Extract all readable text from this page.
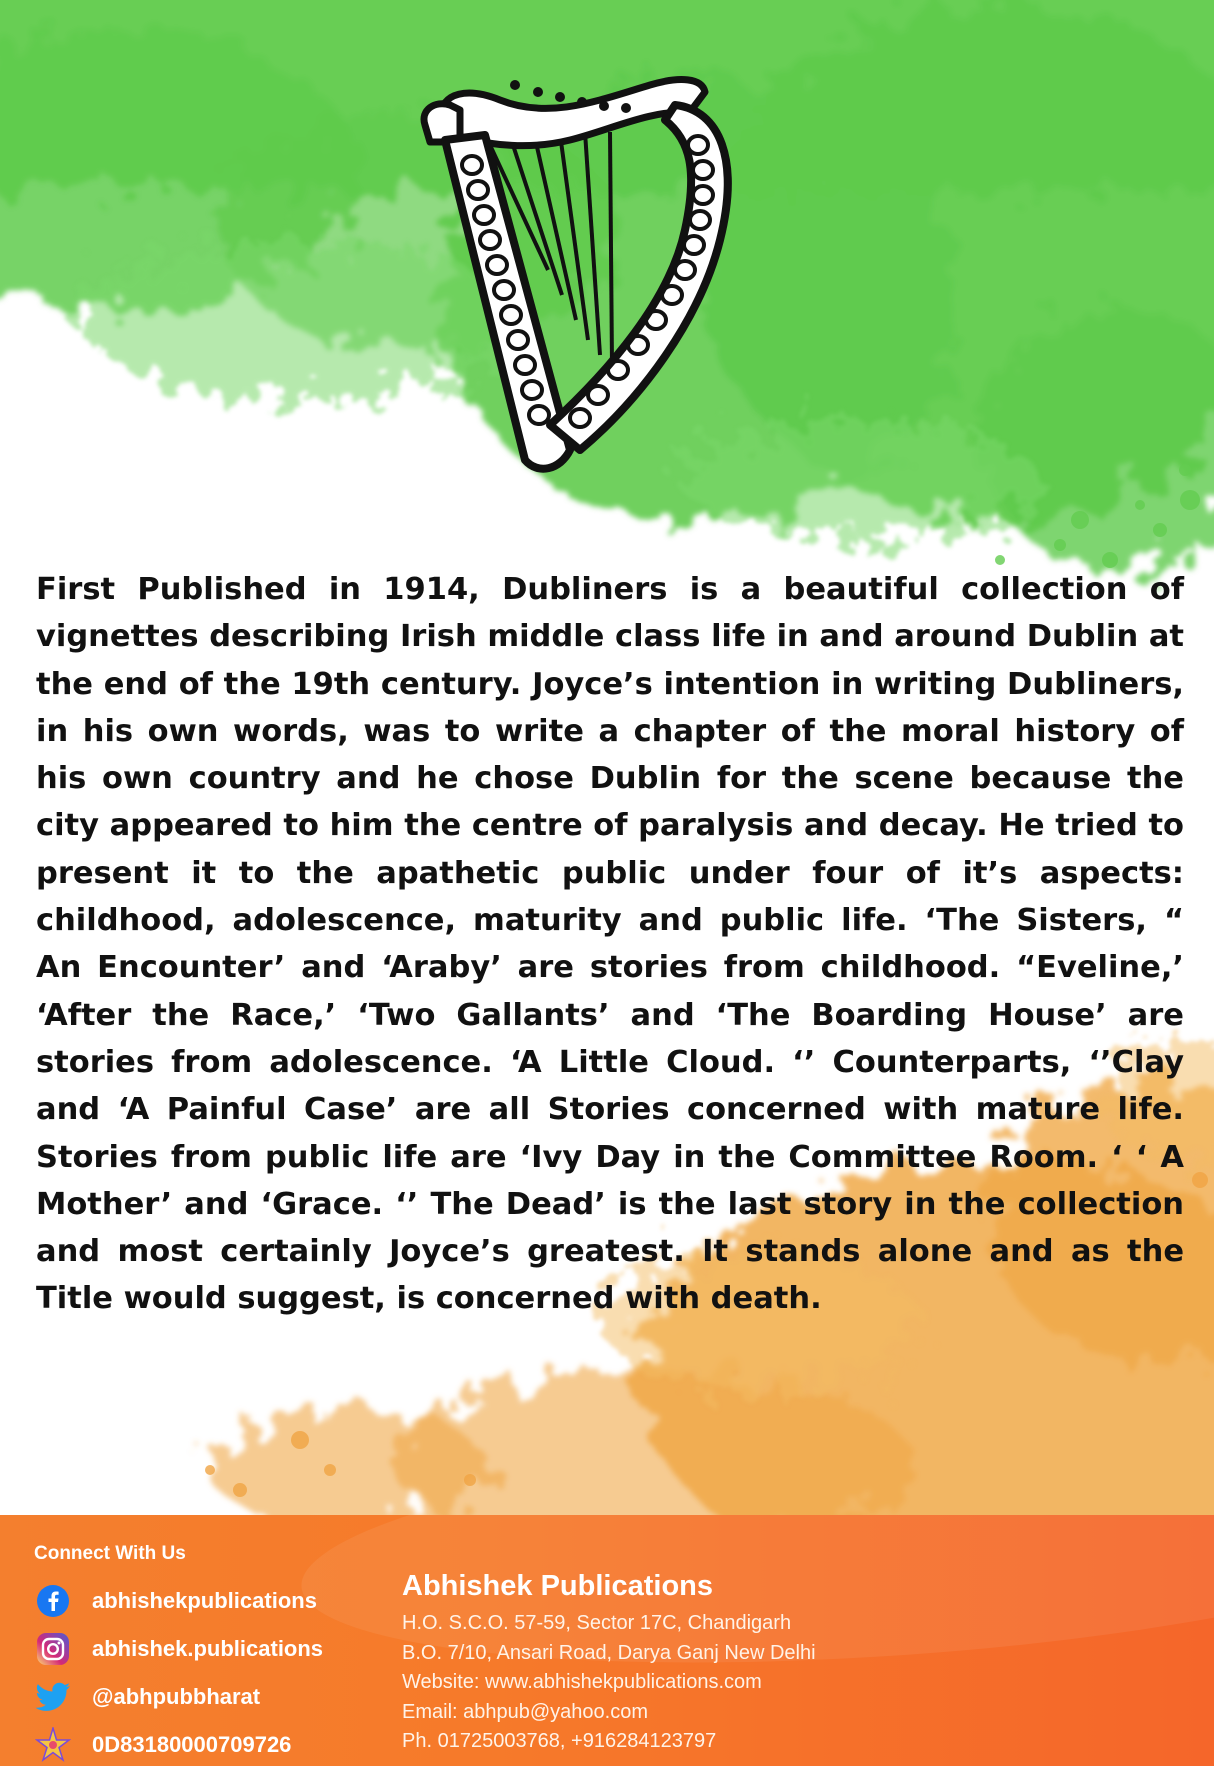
First Published in 1914, Dubliners is a beautiful collection of vignettes describing Irish middle class life in and around Dublin at the end of the 19th century. Joyce’s intention in writing Dubliners, in his own words, was to write a chapter of the moral history of his own country and he chose Dublin for the scene because the city appeared to him the centre of paralysis and decay. He tried to present it to the apathetic public under four of it’s aspects: childhood, adolescence, maturity and public life. ‘The Sisters, “ An Encounter’ and ‘Araby’ are stories from childhood. “Eveline,’ ‘After the Race,’ ‘Two Gallants’ and ‘The Boarding House’ are stories from adolescence. ‘A Little Cloud. ‘’ Counterparts, ‘’Clay and ‘A Painful Case’ are all Stories concerned with mature life. Stories from public life are ‘Ivy Day in the Committee Room. ‘ ‘ A Mother’ and ‘Grace. ‘’ The Dead’ is the last story in the collection and most certainly Joyce’s greatest. It stands alone and as the Title would suggest, is concerned with death.

Connect With Us
abhishekpublications
abhishek.publications
@abhpubbharat
0D83180000709726
Abhishek Publications
H.O. S.C.O. 57-59, Sector 17C, Chandigarh
B.O. 7/10, Ansari Road, Darya Ganj New Delhi
Website: www.abhishekpublications.com
Email: abhpub@yahoo.com
Ph. 01725003768, +916284123797
